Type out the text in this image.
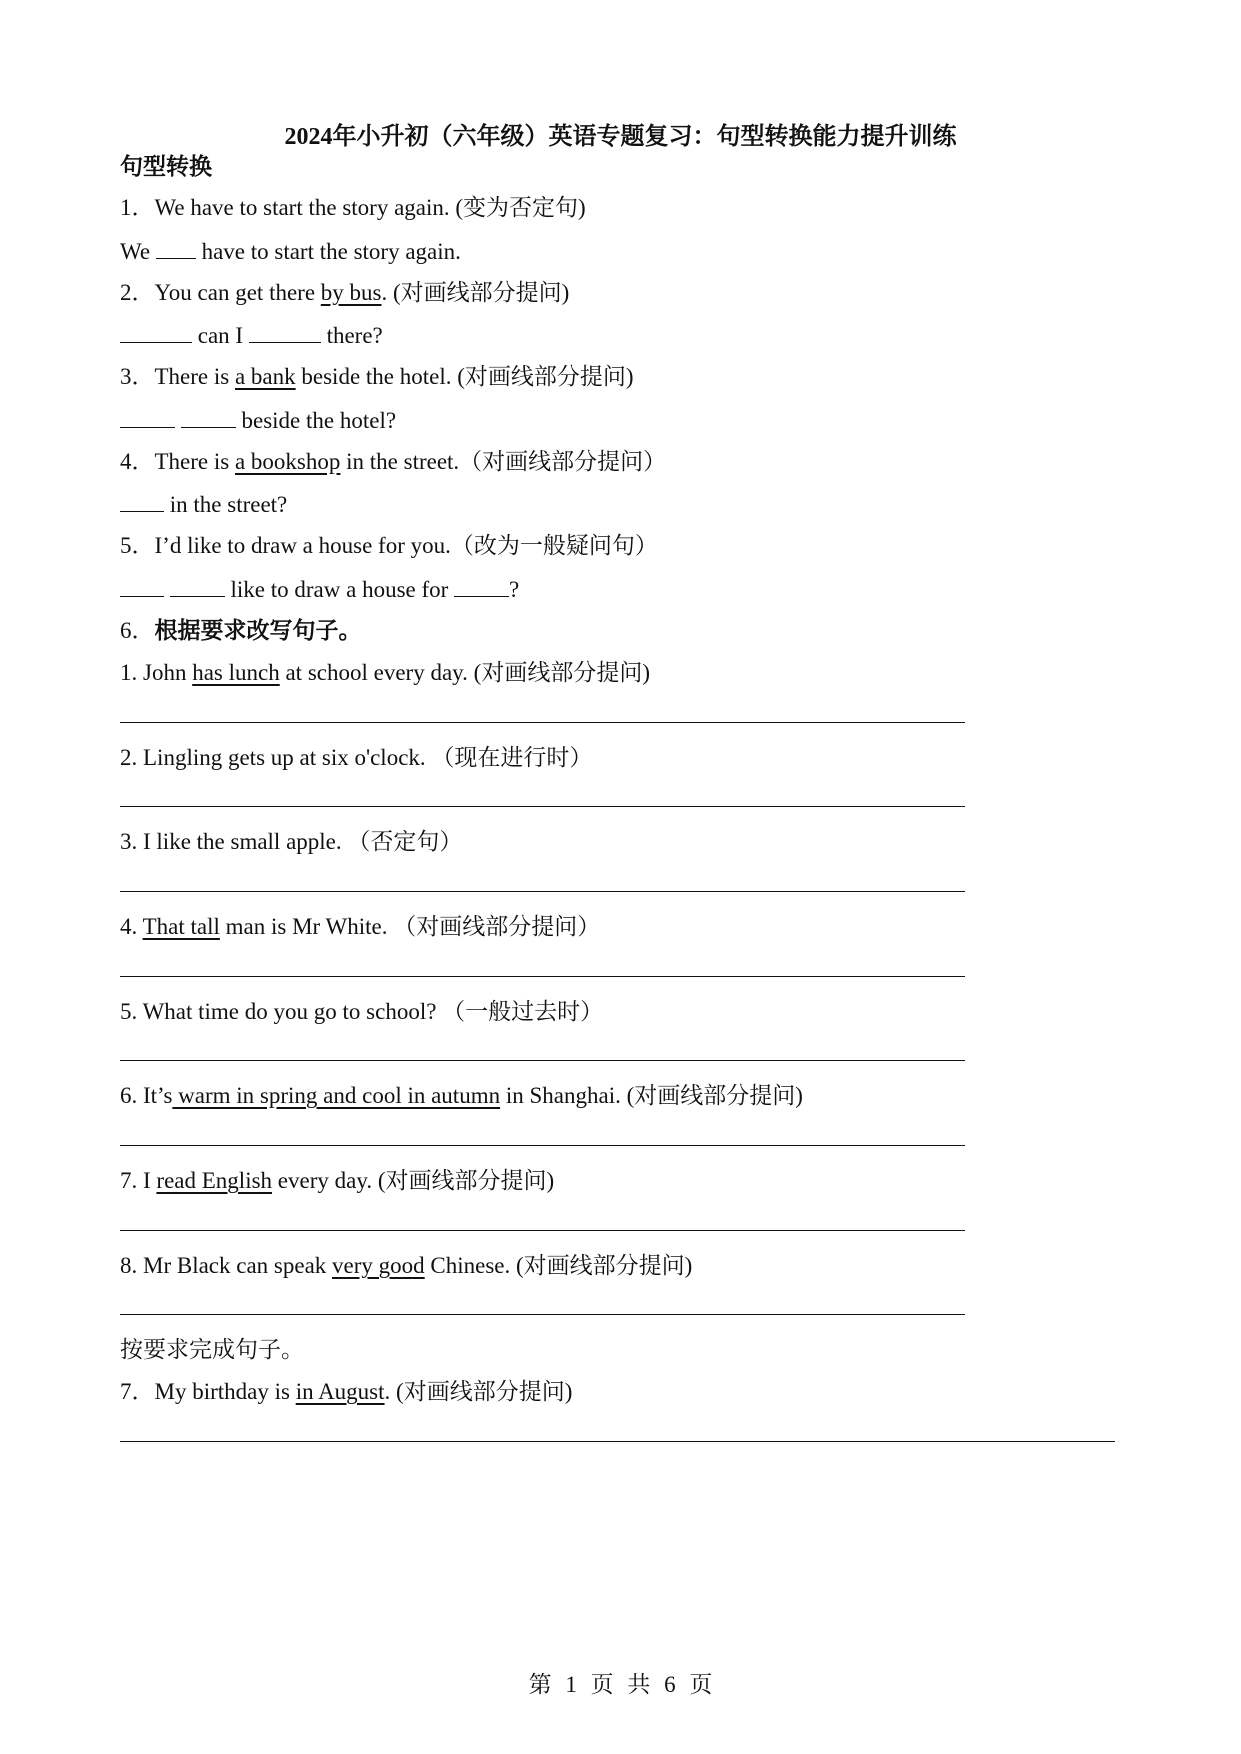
2024年小升初（六年级）英语专题复习：句型转换能力提升训练
句型转换
1．We have to start the story again. (变为否定句)
We have to start the story again.
2．You can get there by bus. (对画线部分提问)
can I	there?
3．There is a bank beside the hotel. (对画线部分提问)
beside the hotel?
4．There is a bookshop in the street.（对画线部分提问）
in the street?
5．I’d like to draw a house for you.（改为一般疑问句）
like to draw a house for	?
6．根据要求改写句子。
1. John has lunch at school every day. (对画线部分提问)
2. Lingling gets up at six o'clock. （现在进行时）
3. I like the small apple. （否定句）
4. That tall man is Mr White. （对画线部分提问）
5. What time do you go to school? （一般过去时）
6. It’s warm in spring and cool in autumn in Shanghai. (对画线部分提问)
7. I read English every day. (对画线部分提问)
8. Mr Black can speak very good Chinese. (对画线部分提问)
按要求完成句子。
7．My birthday is in August. (对画线部分提问)
第 1 页 共 6 页
